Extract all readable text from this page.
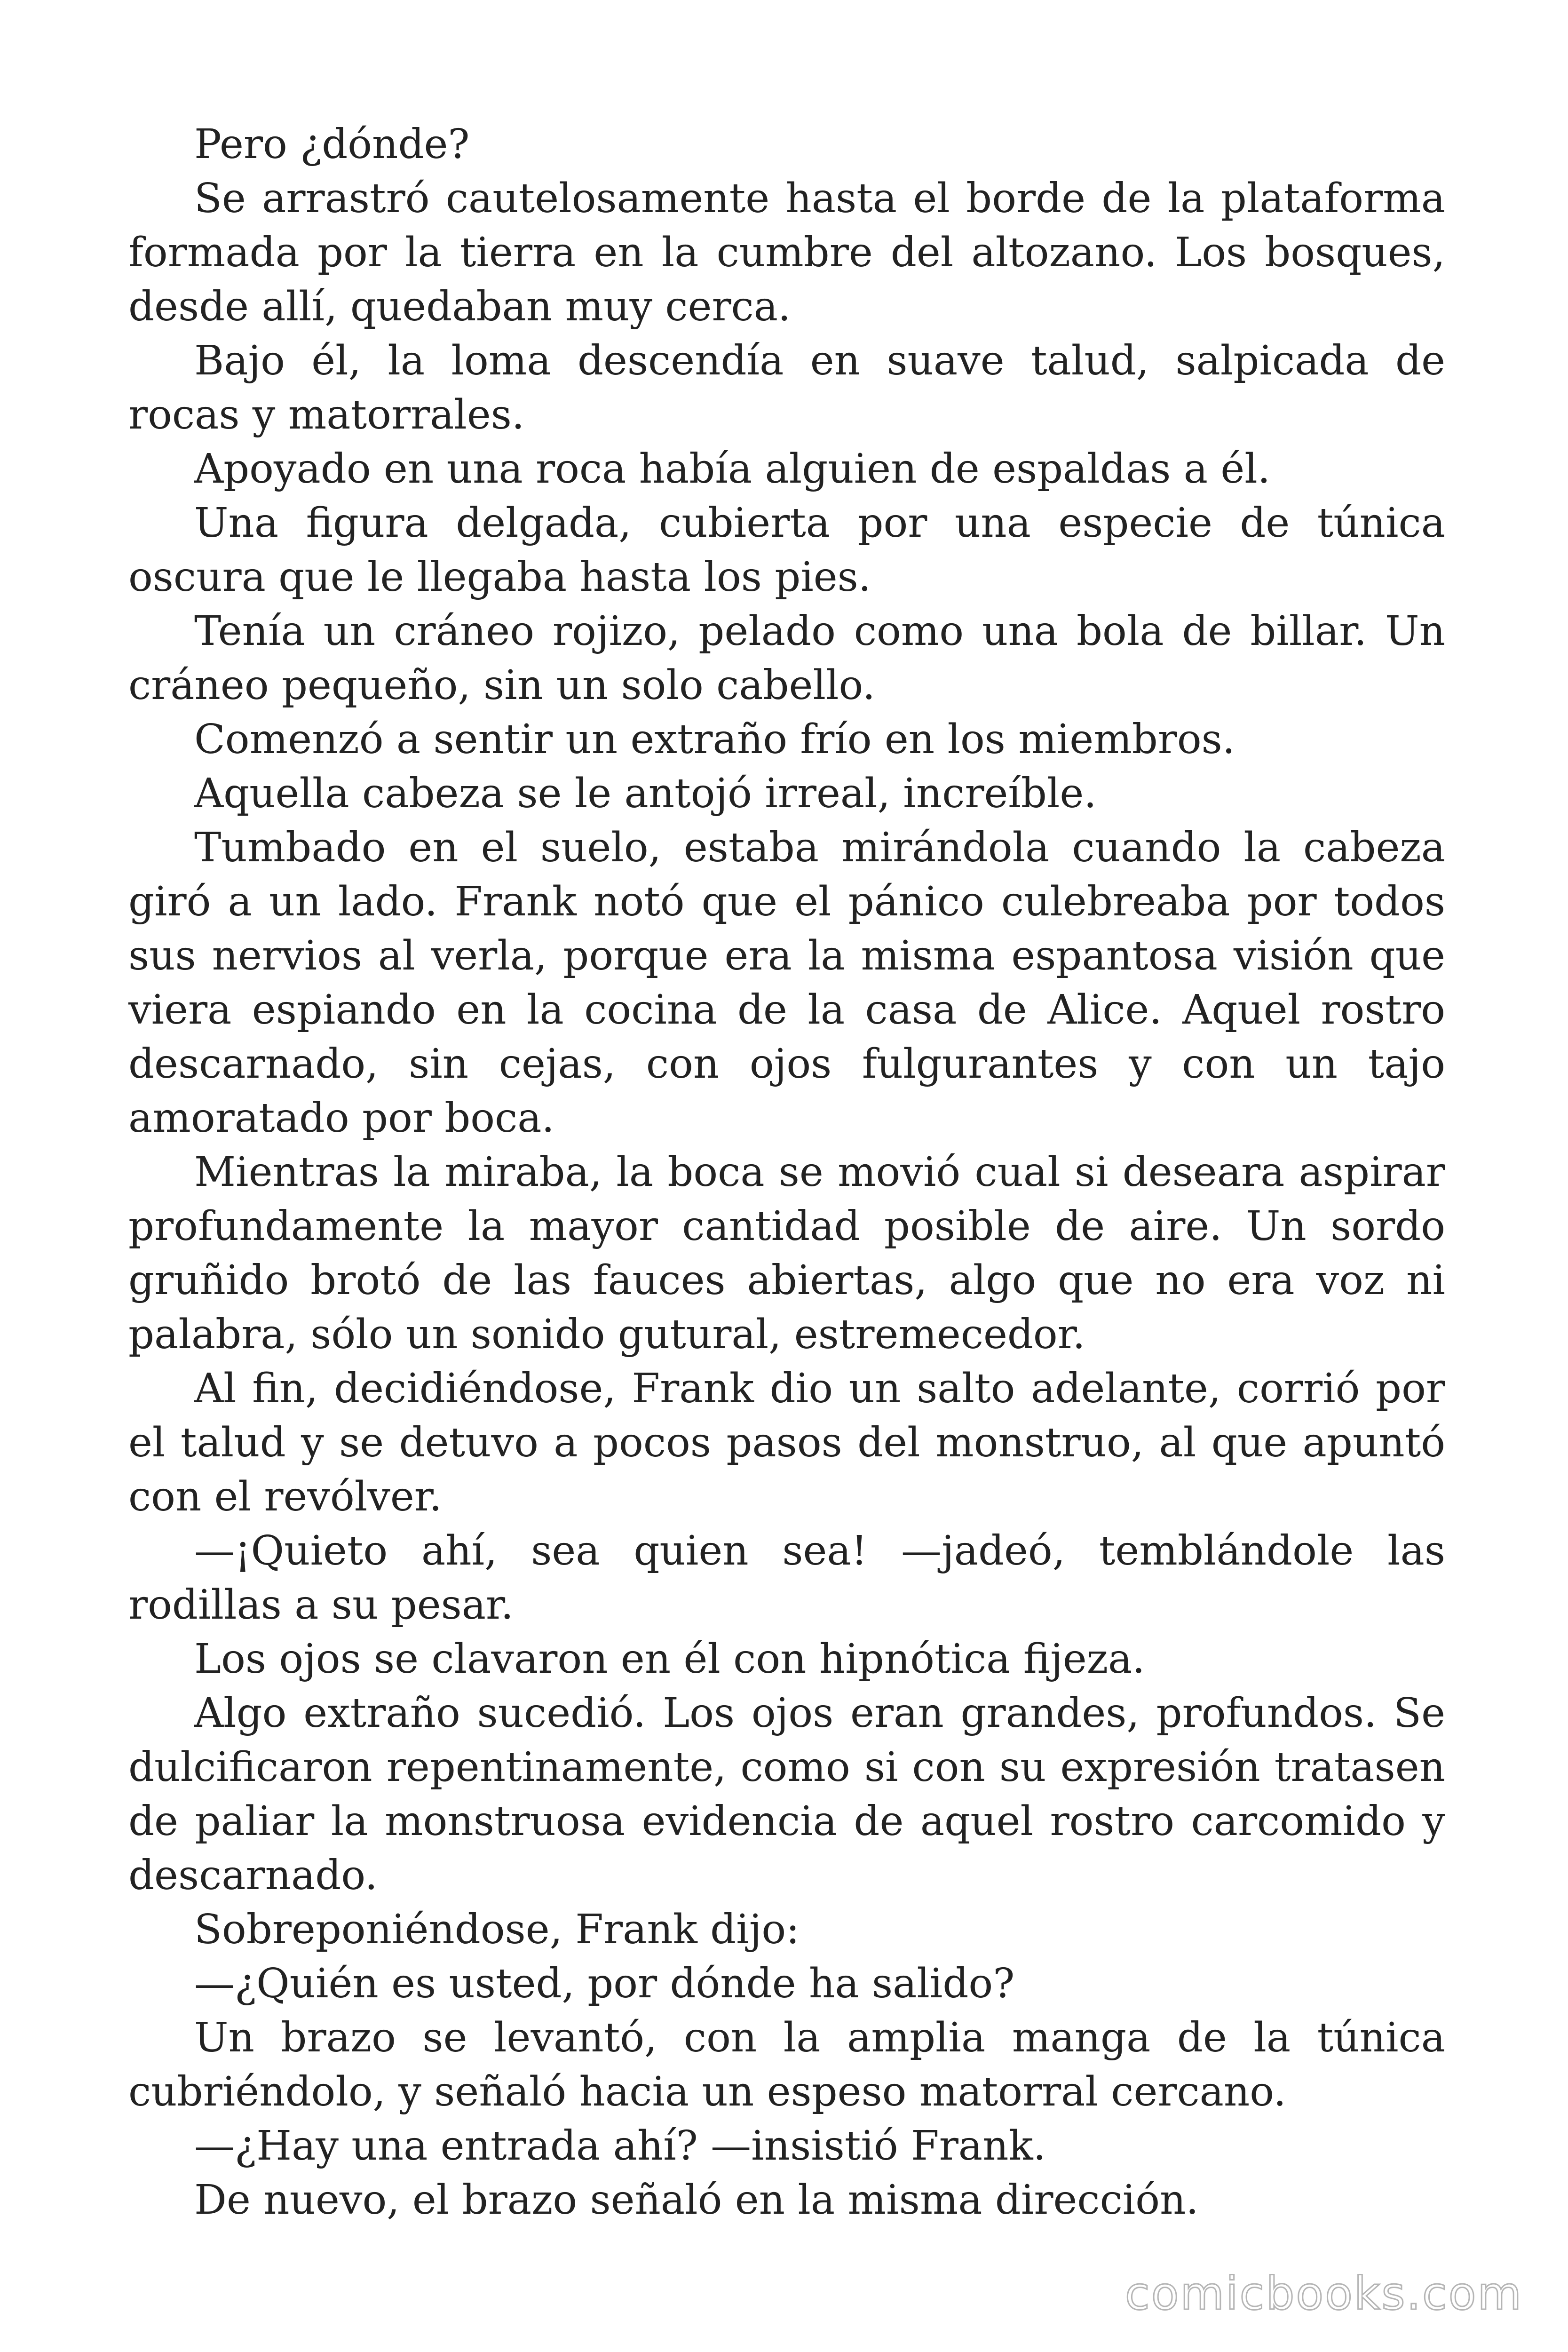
Pero ¿dónde?

Se arrastró cautelosamente hasta el borde de la plataforma formada por la tierra en la cumbre del altozano. Los bosques, desde allí, quedaban muy cerca.

Bajo él, la loma descendía en suave talud, salpicada de rocas y matorrales.

Apoyado en una roca había alguien de espaldas a él.

Una figura delgada, cubierta por una especie de túnica oscura que le llegaba hasta los pies.

Tenía un cráneo rojizo, pelado como una bola de billar. Un cráneo pequeño, sin un solo cabello.

Comenzó a sentir un extraño frío en los miembros.

Aquella cabeza se le antojó irreal, increíble.

Tumbado en el suelo, estaba mirándola cuando la cabeza giró a un lado. Frank notó que el pánico culebreaba por todos sus nervios al verla, porque era la misma espantosa visión que viera espiando en la cocina de la casa de Alice. Aquel rostro descarnado, sin cejas, con ojos fulgurantes y con un tajo amoratado por boca.

Mientras la miraba, la boca se movió cual si deseara aspirar profundamente la mayor cantidad posible de aire. Un sordo gruñido brotó de las fauces abiertas, algo que no era voz ni palabra, sólo un sonido gutural, estremecedor.

Al fin, decidiéndose, Frank dio un salto adelante, corrió por el talud y se detuvo a pocos pasos del monstruo, al que apuntó con el revólver.

—¡Quieto ahí, sea quien sea! —jadeó, temblándole las rodillas a su pesar.

Los ojos se clavaron en él con hipnótica fijeza.

Algo extraño sucedió. Los ojos eran grandes, profundos. Se dulcificaron repentinamente, como si con su expresión tratasen de paliar la monstruosa evidencia de aquel rostro carcomido y descarnado.

Sobreponiéndose, Frank dijo:

—¿Quién es usted, por dónde ha salido?

Un brazo se levantó, con la amplia manga de la túnica cubriéndolo, y señaló hacia un espeso matorral cercano.

—¿Hay una entrada ahí? —insistió Frank.

De nuevo, el brazo señaló en la misma dirección.

comicbooks.com
